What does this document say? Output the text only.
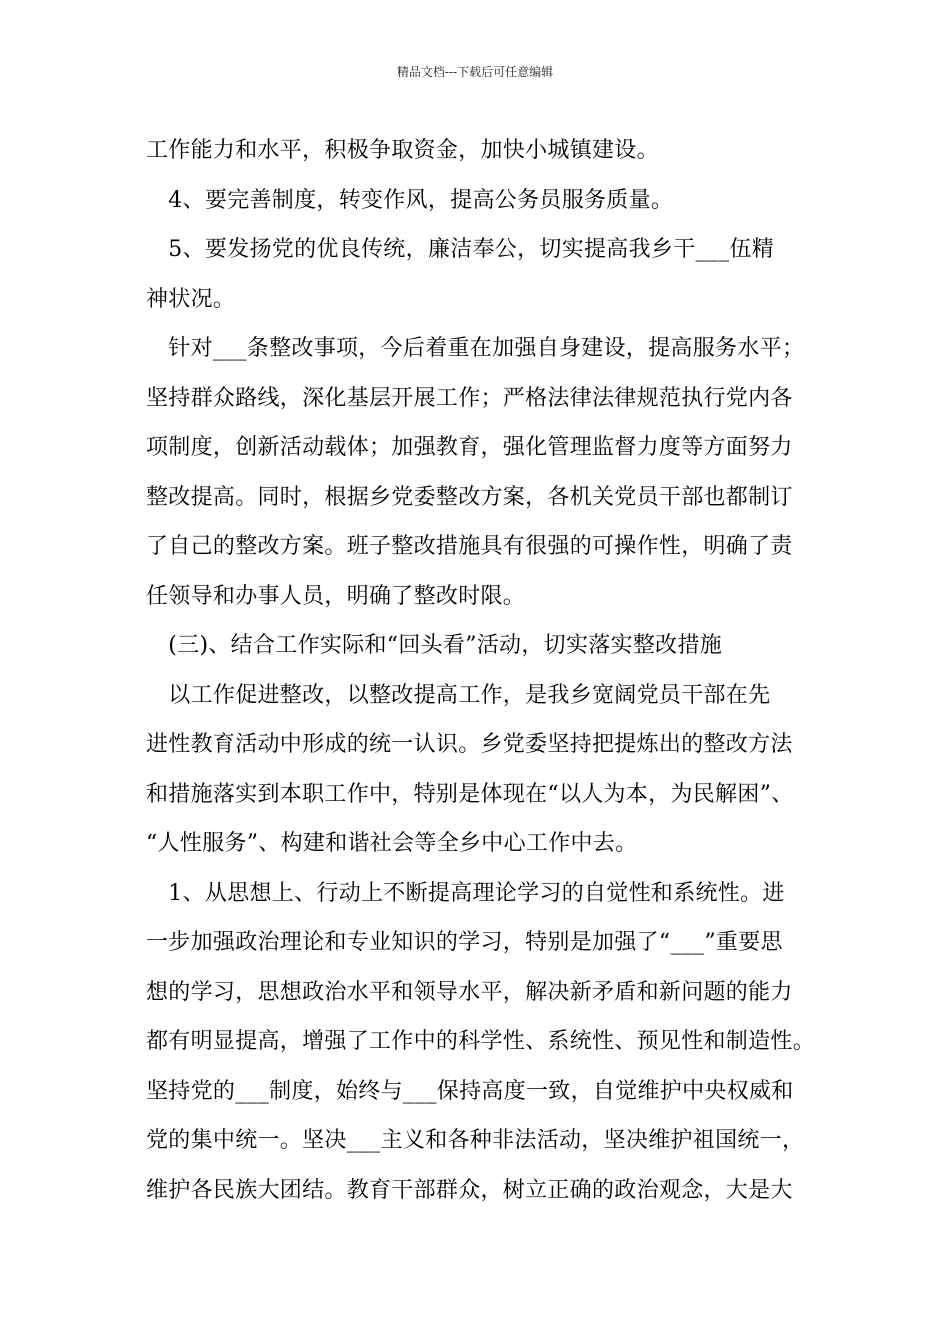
精品文档---下载后可任意编辑
工作能力和水平，积极争取资金，加快小城镇建设。
　4、要完善制度，转变作风，提高公务员服务质量。
　5、要发扬党的优良传统，廉洁奉公，切实提高我乡干___伍精
神状况。
　针对___条整改事项，今后着重在加强自身建设，提高服务水平；
坚持群众路线，深化基层开展工作；严格法律法律规范执行党内各
项制度，创新活动载体；加强教育，强化管理监督力度等方面努力
整改提高。同时，根据乡党委整改方案，各机关党员干部也都制订
了自己的整改方案。班子整改措施具有很强的可操作性，明确了责
任领导和办事人员，明确了整改时限。
　(三)、结合工作实际和“回头看”活动，切实落实整改措施
　以工作促进整改，以整改提高工作，是我乡宽阔党员干部在先
进性教育活动中形成的统一认识。乡党委坚持把提炼出的整改方法
和措施落实到本职工作中，特别是体现在“以人为本，为民解困”、
“人性服务”、构建和谐社会等全乡中心工作中去。
　1、从思想上、行动上不断提高理论学习的自觉性和系统性。进
一步加强政治理论和专业知识的学习，特别是加强了“___”重要思
想的学习，思想政治水平和领导水平，解决新矛盾和新问题的能力
都有明显提高，增强了工作中的科学性、系统性、预见性和制造性。
坚持党的___制度，始终与___保持高度一致，自觉维护中央权威和
党的集中统一。坚决___主义和各种非法活动，坚决维护祖国统一，
维护各民族大团结。教育干部群众，树立正确的政治观念，大是大
